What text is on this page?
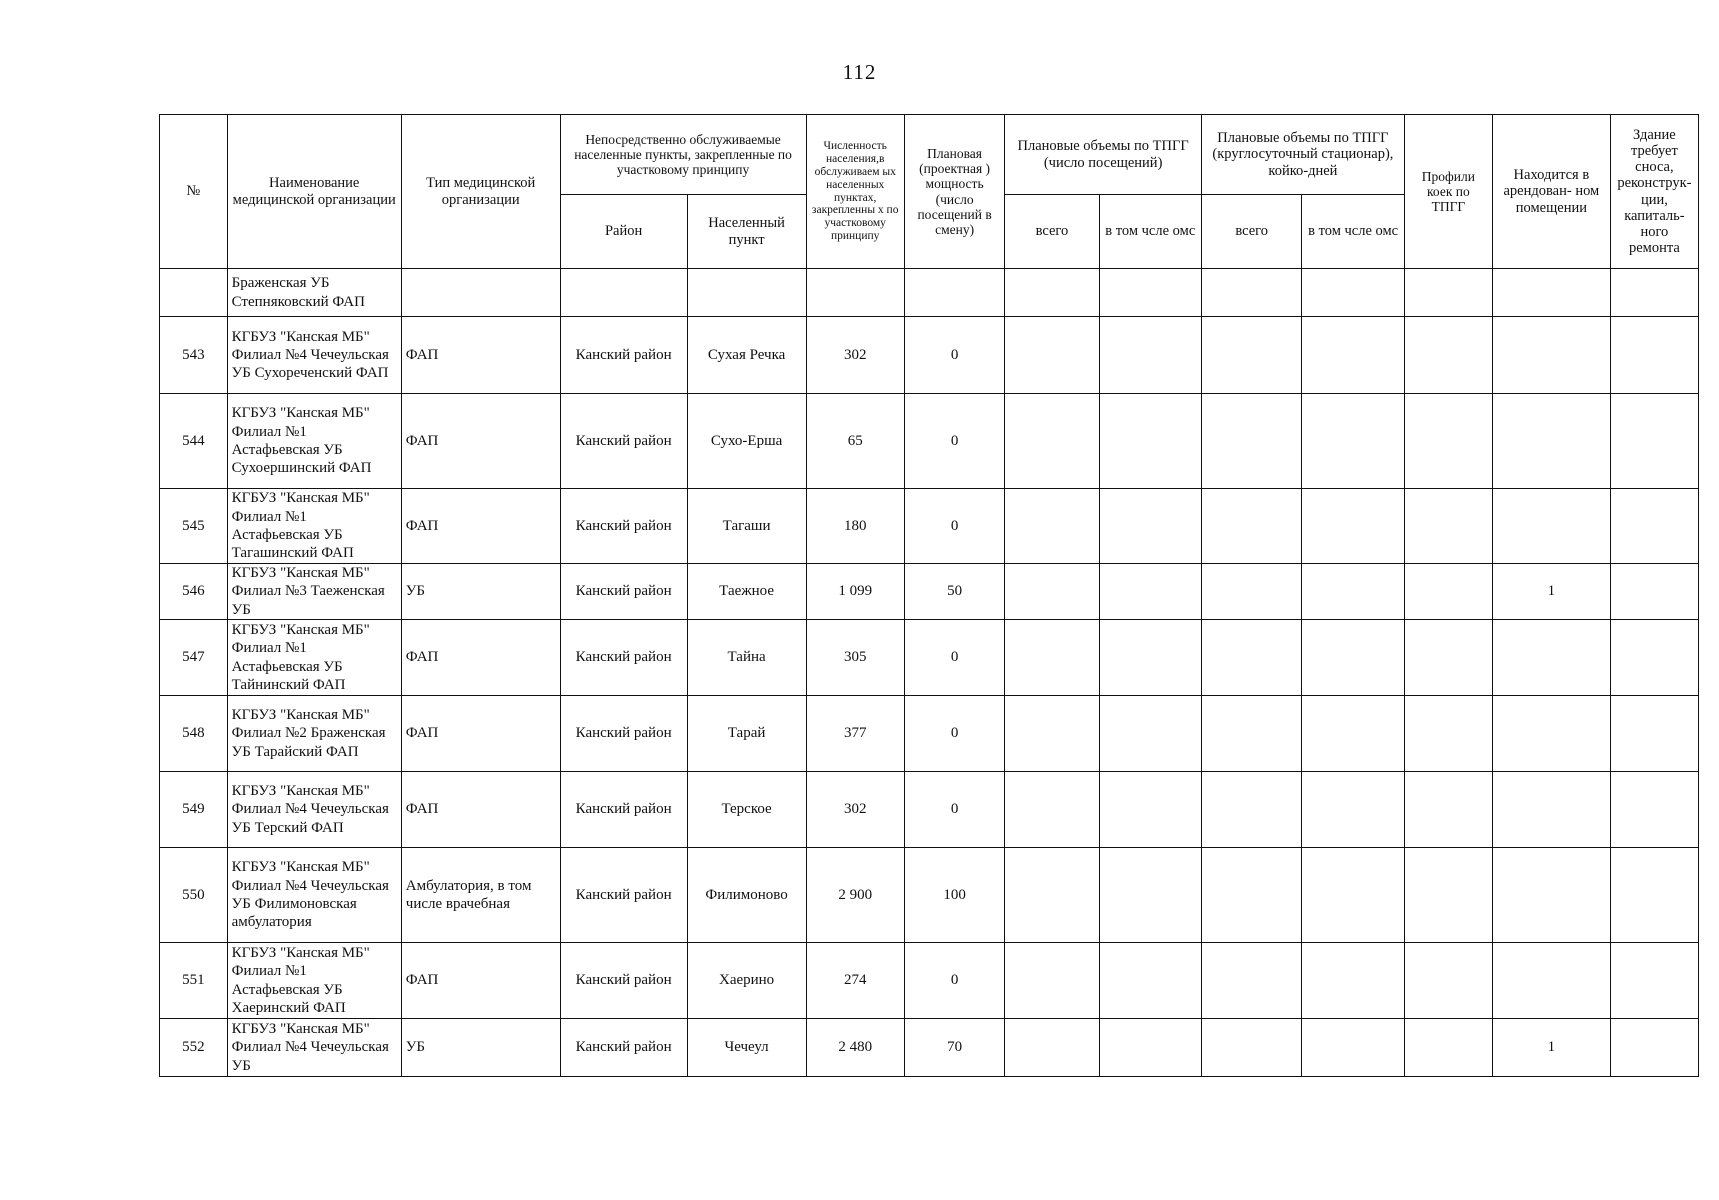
112
№	Наименование медицинской организации	Тип медицинской организации	Непосредственно обслуживаемые населенные пункты, закрепленные по участковому принципу		Численность населения,в обслуживаем ых населенных пунктах, закрепленны х по участковому принципу	Плановая (проектная ) мощность (число посещений в смену)	Плановые объемы по ТПГГ (число посещений)		Плановые объемы по ТПГГ (круглосуточный стационар), койко-дней		Профили коек по ТПГГ	Находится в арендован- ном помещении	Здание требует сноса, реконструк- ции, капиталь- ного ремонта
			Район	Населенный пункт			всего	в том чсле омс	всего	в том чсле омс			
	Браженская УБ Степняковский ФАП												
543	КГБУЗ "Канская МБ" Филиал №4 Чечеульская УБ Сухореченский ФАП	ФАП	Канский район	Сухая Речка	302	0							
544	КГБУЗ "Канская МБ" Филиал №1 Астафьевская УБ Сухоершинский ФАП	ФАП	Канский район	Сухо-Ерша	65	0							
545	КГБУЗ "Канская МБ" Филиал №1 Астафьевская УБ Тагашинский ФАП	ФАП	Канский район	Тагаши	180	0							
546	КГБУЗ "Канская МБ" Филиал №3 Таеженская УБ	УБ	Канский район	Таежное	1 099	50						1	
547	КГБУЗ "Канская МБ" Филиал №1 Астафьевская УБ Тайнинский ФАП	ФАП	Канский район	Тайна	305	0							
548	КГБУЗ "Канская МБ" Филиал №2 Браженская УБ Тарайский ФАП	ФАП	Канский район	Тарай	377	0							
549	КГБУЗ "Канская МБ" Филиал №4 Чечеульская УБ Терский ФАП	ФАП	Канский район	Терское	302	0							
550	КГБУЗ "Канская МБ" Филиал №4 Чечеульская УБ Филимоновская амбулатория	Амбулатория, в том числе врачебная	Канский район	Филимоново	2 900	100							
551	КГБУЗ "Канская МБ" Филиал №1 Астафьевская УБ Хаеринский ФАП	ФАП	Канский район	Хаерино	274	0							
552	КГБУЗ "Канская МБ" Филиал №4 Чечеульская УБ	УБ	Канский район	Чечеул	2 480	70						1	
